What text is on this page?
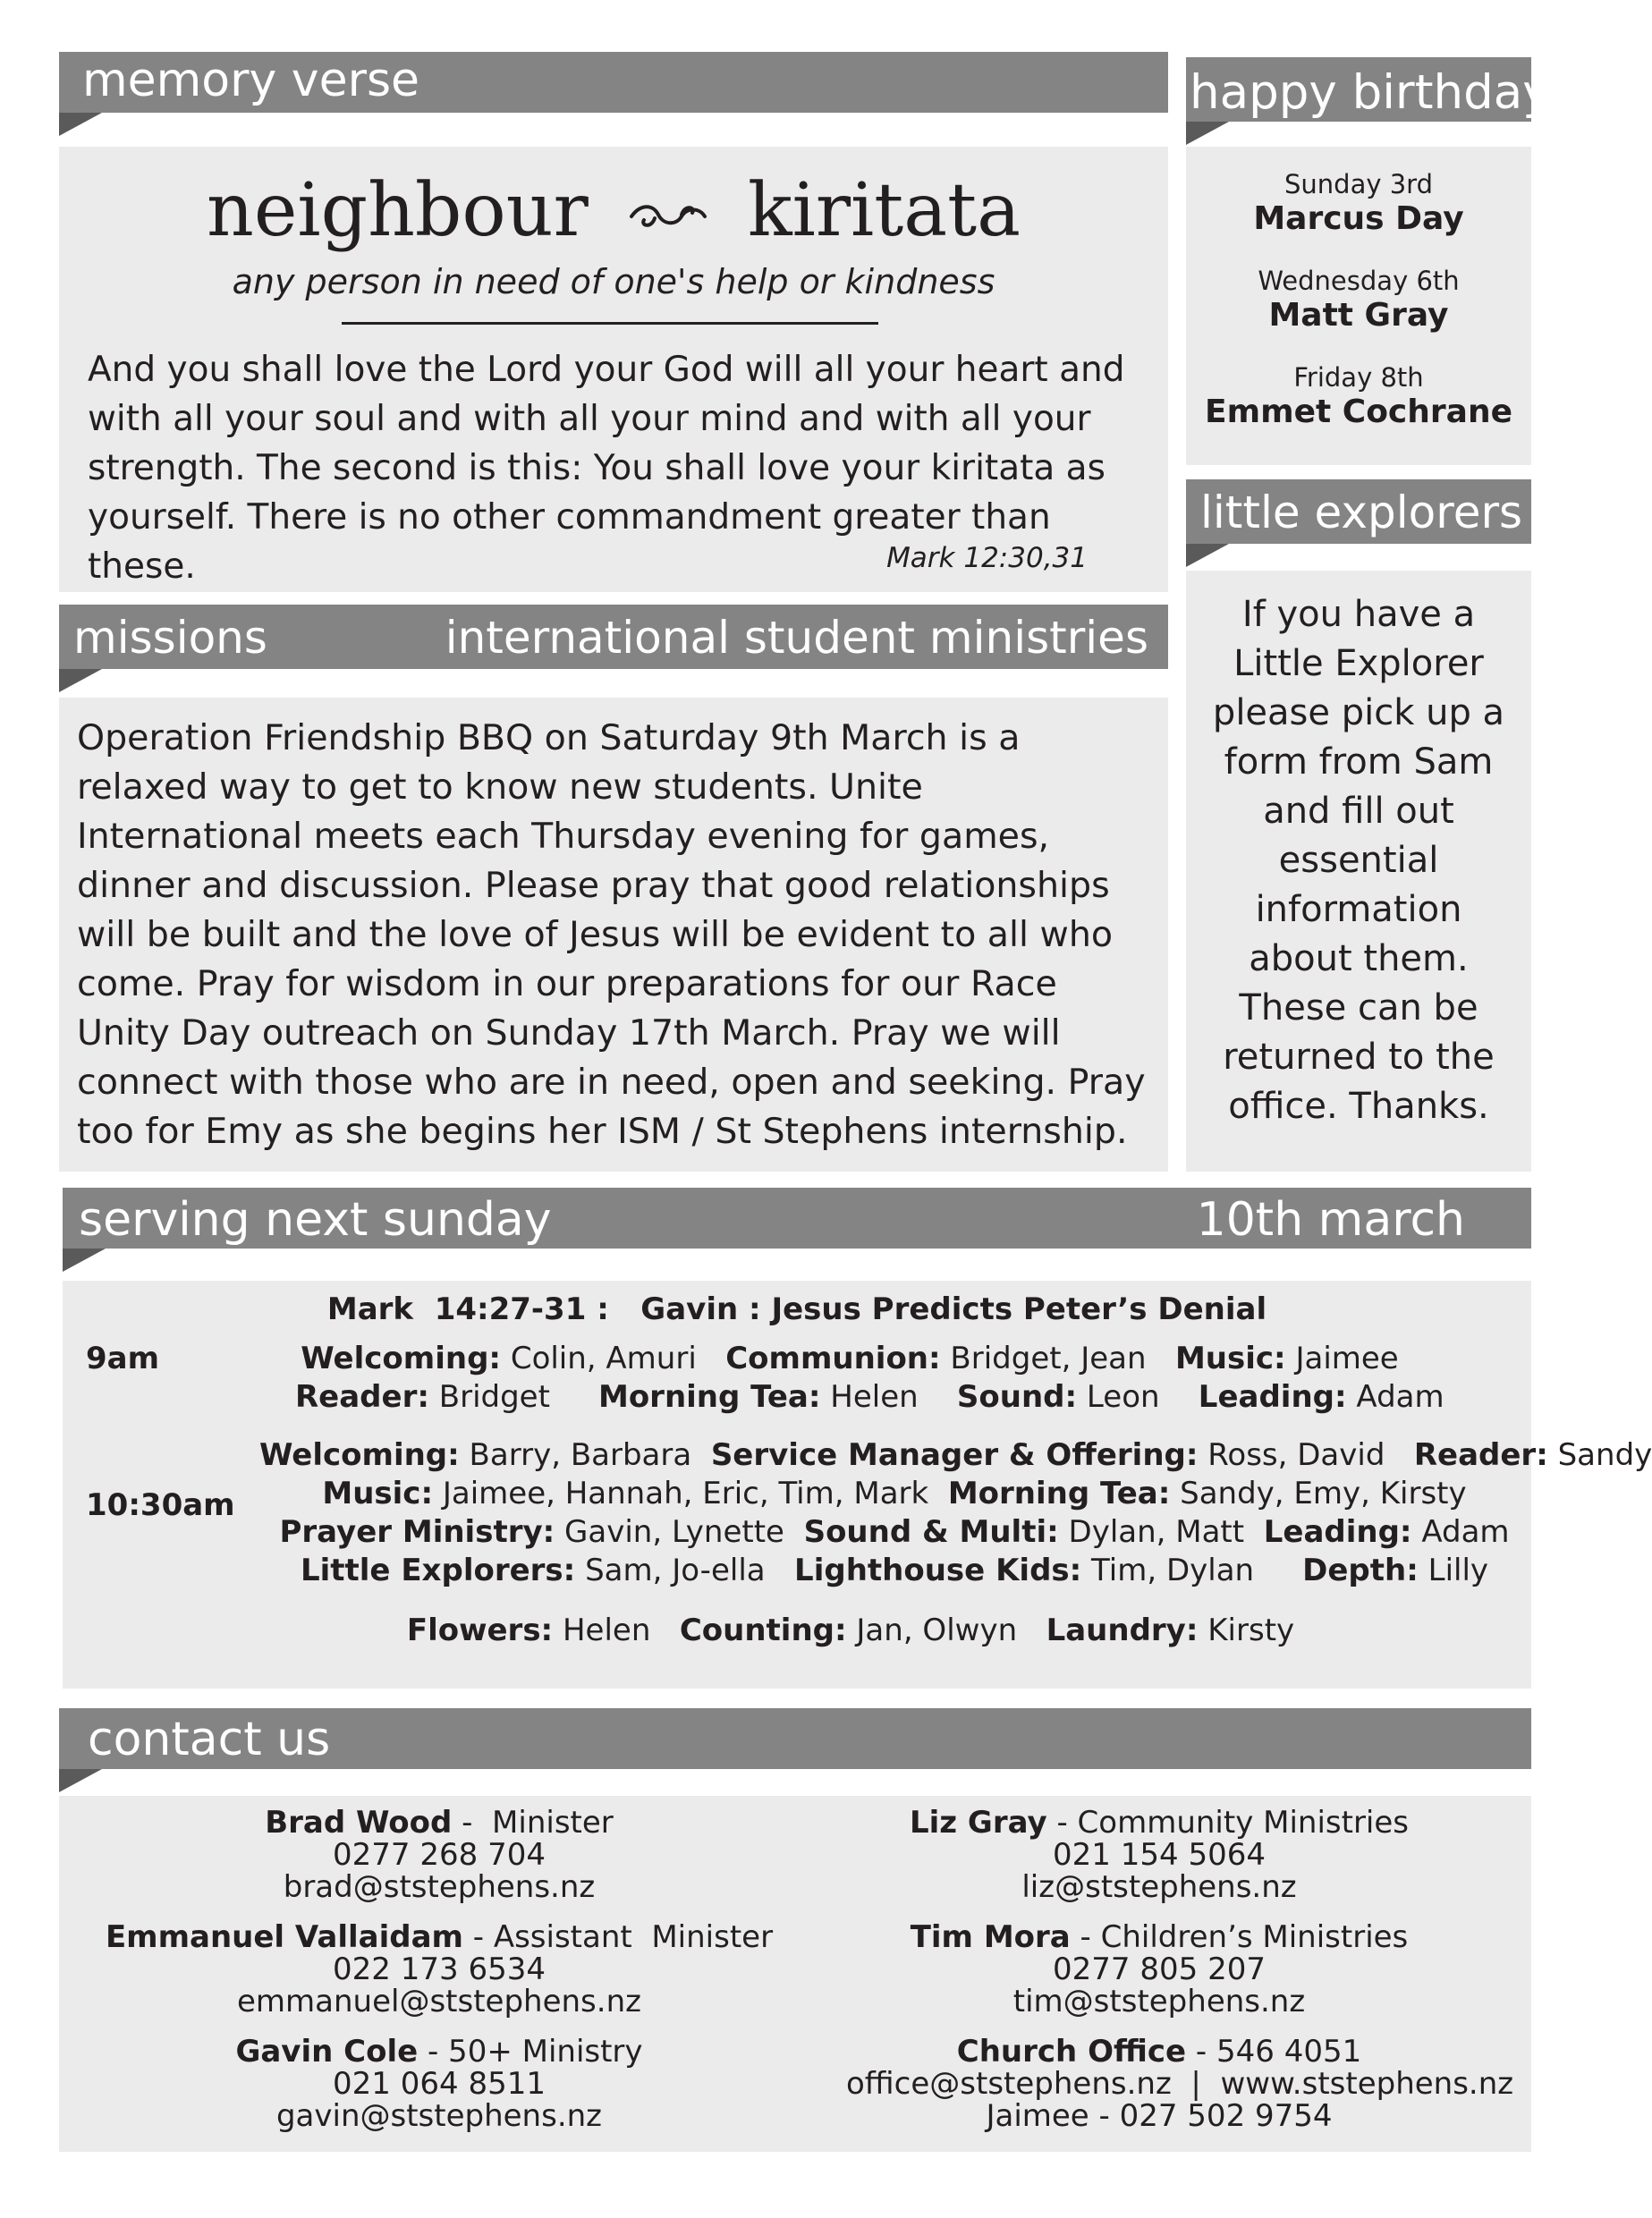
memory verse
neighbour kiritata
any person in need of one's help or kindness
And you shall love the Lord your God will all your heart and with all your soul and with all your mind and with all your strength. The second is this: You shall love your kiritata as yourself. There is no other commandment greater than these.	Mark 12:30,31
happy birthday
Sunday 3rd
Marcus Day
Wednesday 6th
Matt Gray
Friday 8th
Emmet Cochrane
little explorers
If you have a Little Explorer please pick up a form from Sam and fill out essential information about them. These can be returned to the office. Thanks.
missions	international student ministries
Operation Friendship BBQ on Saturday 9th March is a relaxed way to get to know new students. Unite International meets each Thursday evening for games, dinner and discussion. Please pray that good relationships will be built and the love of Jesus will be evident to all who come. Pray for wisdom in our preparations for our Race Unity Day outreach on Sunday 17th March. Pray we will connect with those who are in need, open and seeking. Pray too for Emy as she begins her ISM / St Stephens internship.
serving next sunday	10th march
Mark  14:27-31 :   Gavin : Jesus Predicts Peter’s Denial
9am	Welcoming: Colin, Amuri Communion: Bridget, Jean Music: Jaimee
Reader: Bridget Morning Tea: Helen Sound: Leon Leading: Adam
10:30am
Welcoming: Barry, Barbara Service Manager & Offering: Ross, David Reader: Sandy
Music: Jaimee, Hannah, Eric, Tim, Mark Morning Tea: Sandy, Emy, Kirsty
Prayer Ministry: Gavin, Lynette Sound & Multi: Dylan, Matt Leading: Adam
Little Explorers: Sam, Jo-ella Lighthouse Kids: Tim, Dylan Depth: Lilly
Flowers: Helen Counting: Jan, Olwyn Laundry: Kirsty
contact us
Brad Wood -  Minister
0277 268 704
brad@ststephens.nz
Emmanuel Vallaidam - Assistant  Minister
022 173 6534
emmanuel@ststephens.nz
Gavin Cole - 50+ Ministry
021 064 8511
gavin@ststephens.nz
Liz Gray - Community Ministries
021 154 5064
liz@ststephens.nz
Tim Mora - Children’s Ministries
0277 805 207
tim@ststephens.nz
Church Office - 546 4051
office@ststephens.nz  |  www.ststephens.nz
Jaimee - 027 502 9754
